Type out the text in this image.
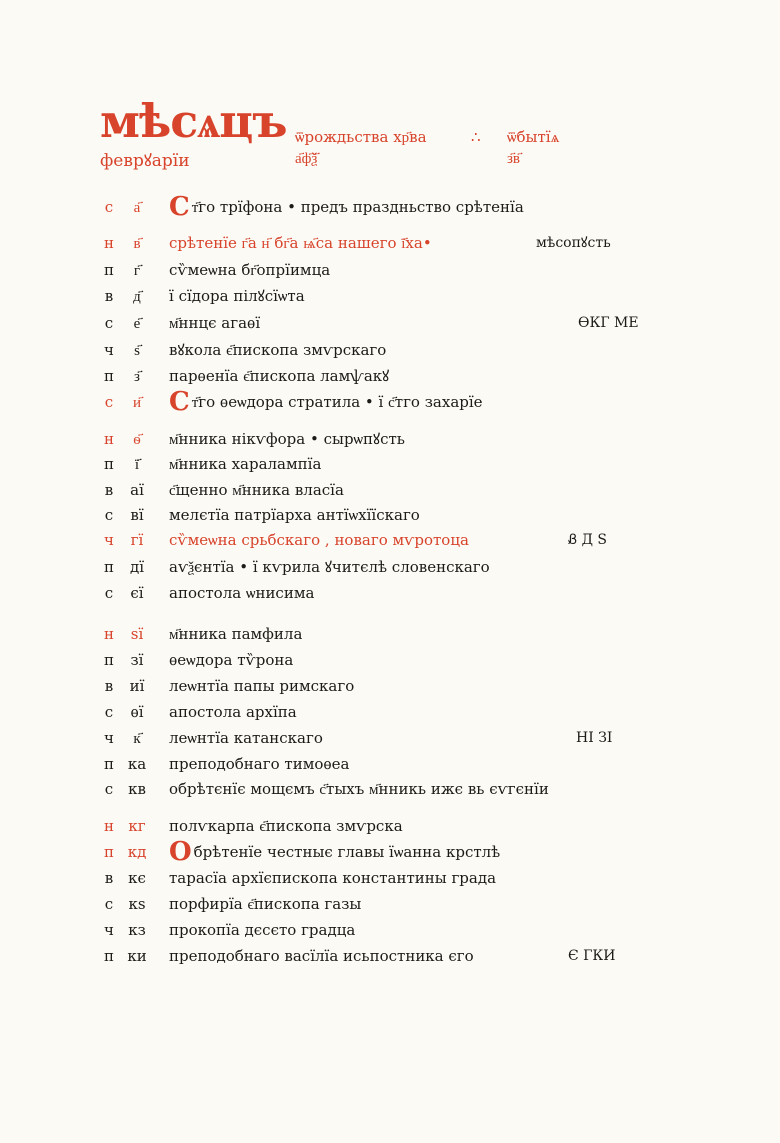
мѣсѧцъ
феврꙋарїи
ѿрождьства хр҃ва	∴ ѿбытїѧ
а҃ф҃ѯ҃	з҃в҃
с	а҃	Ст҃го трїфона • предъ праздньство срѣтенїа
н	в҃	срѣтенїе г҃а н҃ бг҃а ѩ҃са нашего ї҃ха•	мѣсопꙋсть
п	г҃	сѷмеѡна бг҃опрїимца
в	д҃	ї сїдора пілꙋсїѡта
с	е҃	м҃ннцє агаѳї	ѲКГ МЕ
ч	ѕ҃	вꙋкола є҃пископа змѵрскаго
п	з҃	парѳенїа є҃пископа ламѱакꙋ
с	и҃	Ст҃го ѳеѡдора стратила • ї с҃тго захарїе
н	ѳ҃	м҃нника нікѵфора • сырѡпꙋсть
п	ї҃	м҃нника харалампїа
в	аї	с҃щенно м҃нника власїа
с	вї	мелєтїа патрїарха антїѡхїїскаго
ч	гї	сѷмеѡна срьбскаго , новаго мѵротоца	Ᏸ Д S
п	дї	аѵѯєнтїа • ї кѵрила ꙋчитєлѣ словенскаго
с	єї	апостола ѡнисима
н	ѕї	м҃нника памфила
п	зї	ѳеѡдора тѷрона
в	иї	леѡнтїа папы римскаго
с	ѳї	апостола архїпа
ч	к҃	леѡнтїа катанскаго	НІ ЗІ
п ка преподобнаго тимоѳеа
с кв обрѣтєнїє мощємъ с҃тыхъ м҃нникь ижє вь єѵгєнїи
н кг полѵкарпа є҃пископа змѵрска
п кд Обрѣтенїе честныє главы їѡанна крстлѣ
в кє тарасїа архїєпископа константины града
с	кѕ порфирїа є҃пископа газы
ч кз прокопїа дєсєто градца
п ки преподобнаго васїлїа исьпостника єго	Є ГКИ
